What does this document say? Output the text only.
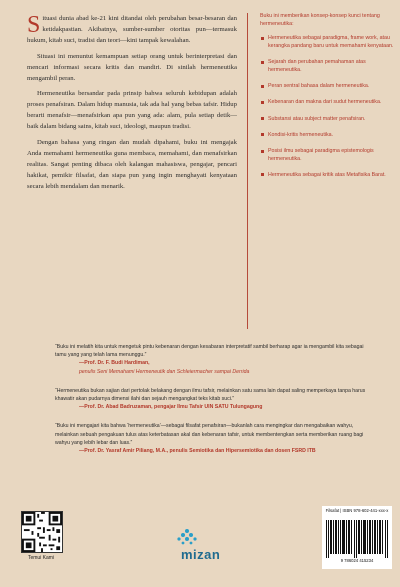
Situasi dunia abad ke-21 kini ditandai oleh perubahan besar-besaran dan ketidakpastian. Akibatnya, sumber-sumber otoritas pun—termasuk hukum, kitab suci, tradisi dan teori—kini tampak kewalahan.

Situasi ini menuntut kemampuan setiap orang untuk berinterpretasi dan mencari informasi secara kritis dan mandiri. Di sinilah hermeneutika mengambil peran.

Hermeneutika bersandar pada prinsip bahwa seluruh kebidupan adalah proses penafsiran. Dalam hidup manusia, tak ada hal yang bebas tafsir. Hidup berarti menafsir—menafsirkan apa pun yang ada: alam, pula setiap detik—baik dalam bidang sains, kitab suci, ideologi, maupun tradisi.

Dengan bahasa yang ringan dan mudah dipahami, buku ini mengajak Anda memahami hermeneutika guna membaca, memahami, dan menafsirkan realitas. Sangat penting dibaca oleh kalangan mahasiswa, pengajar, pencari hakikat, pemikir filsafat, dan siapa pun yang ingin menghayati kenyataan secara lebih mendalam dan menarik.

Buku ini memberikan konsep-konsep kunci tentang hermeneutika:

Hermeneutika sebagai paradigma, frame work, atau kerangka pandang baru untuk memahami kenyataan.
Sejarah dan perubahan pemahaman atas hermeneutika.
Peran sentral bahasa dalam hermeneutika.
Kebenaran dan makna dari sudut hermeneutika.
Substansi atau subject matter penafsiran.
Kondisi-kritis hermeneutika.
Posisi ilmu sebagai paradigma epistemologis hermeneutika.
Hermeneutika sebagai kritik atas Metafisika Barat.
“Buku ini melatih kita untuk mengetuk pintu kebenaran dengan kesabaran interpretatif sambil berharap agar ia mengambil kita sebagai tamu yang yang telah lama menunggu.”
—Prof. Dr. F. Budi Hardiman,
penulis Seni Memahami Hermeneutik dan Schleiermacher sampai Derrida
“Hermeneutika bukan sajian dari pertolak belakang dengan ilmu tafsir, melainkan satu sama lain dapat saling memperkaya tanpa harus khawatir akan pudarnya dimensi ilahi dan sejauh mengangkat teks kitab suci.”
—Prof. Dr. Abad Badruzaman, pengajar Ilmu Tafsir UIN SATU Tulungagung
“Buku ini mengajari kita bahwa ‘hermeneutika’—sebagai filsafat penafsiran—bukanlah cara mengingkar dan mengabaikan wahyu, melainkan sebuah pengakuan tulus atas keterbatasan akal dan kebenaran tafsir, untuk membentengkan serta memberikan ruang bagi wahyu yang lebih lebar dan luas.”
—Prof. Dr. Yasraf Amir Piliang, M.A., penulis Semiotika dan Hipersemiotika dan dosen FSRD ITB
Temui Kami	mizan
Filsafat | ISBN 978-602-441-xxx-x
9 786024 415234
